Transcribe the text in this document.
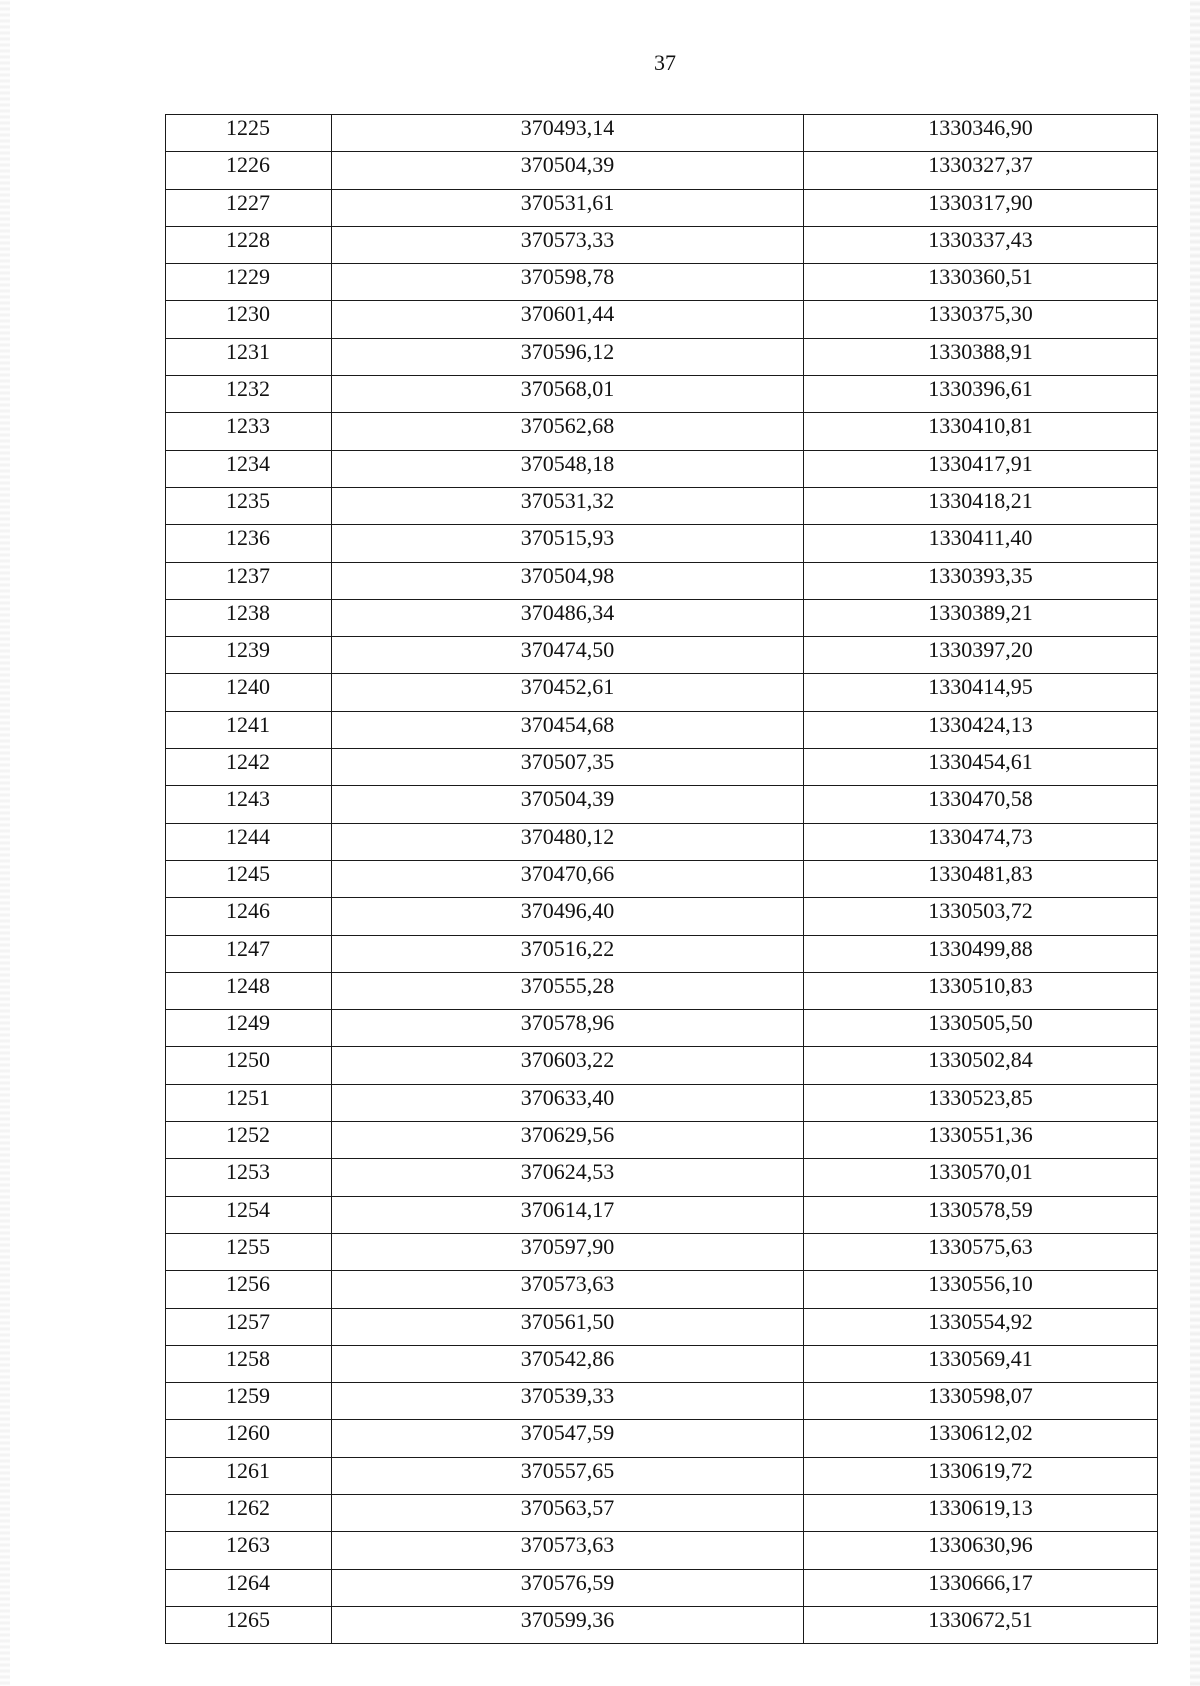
37
1225	370493,14	1330346,90
1226	370504,39	1330327,37
1227	370531,61	1330317,90
1228	370573,33	1330337,43
1229	370598,78	1330360,51
1230	370601,44	1330375,30
1231	370596,12	1330388,91
1232	370568,01	1330396,61
1233	370562,68	1330410,81
1234	370548,18	1330417,91
1235	370531,32	1330418,21
1236	370515,93	1330411,40
1237	370504,98	1330393,35
1238	370486,34	1330389,21
1239	370474,50	1330397,20
1240	370452,61	1330414,95
1241	370454,68	1330424,13
1242	370507,35	1330454,61
1243	370504,39	1330470,58
1244	370480,12	1330474,73
1245	370470,66	1330481,83
1246	370496,40	1330503,72
1247	370516,22	1330499,88
1248	370555,28	1330510,83
1249	370578,96	1330505,50
1250	370603,22	1330502,84
1251	370633,40	1330523,85
1252	370629,56	1330551,36
1253	370624,53	1330570,01
1254	370614,17	1330578,59
1255	370597,90	1330575,63
1256	370573,63	1330556,10
1257	370561,50	1330554,92
1258	370542,86	1330569,41
1259	370539,33	1330598,07
1260	370547,59	1330612,02
1261	370557,65	1330619,72
1262	370563,57	1330619,13
1263	370573,63	1330630,96
1264	370576,59	1330666,17
1265	370599,36	1330672,51
